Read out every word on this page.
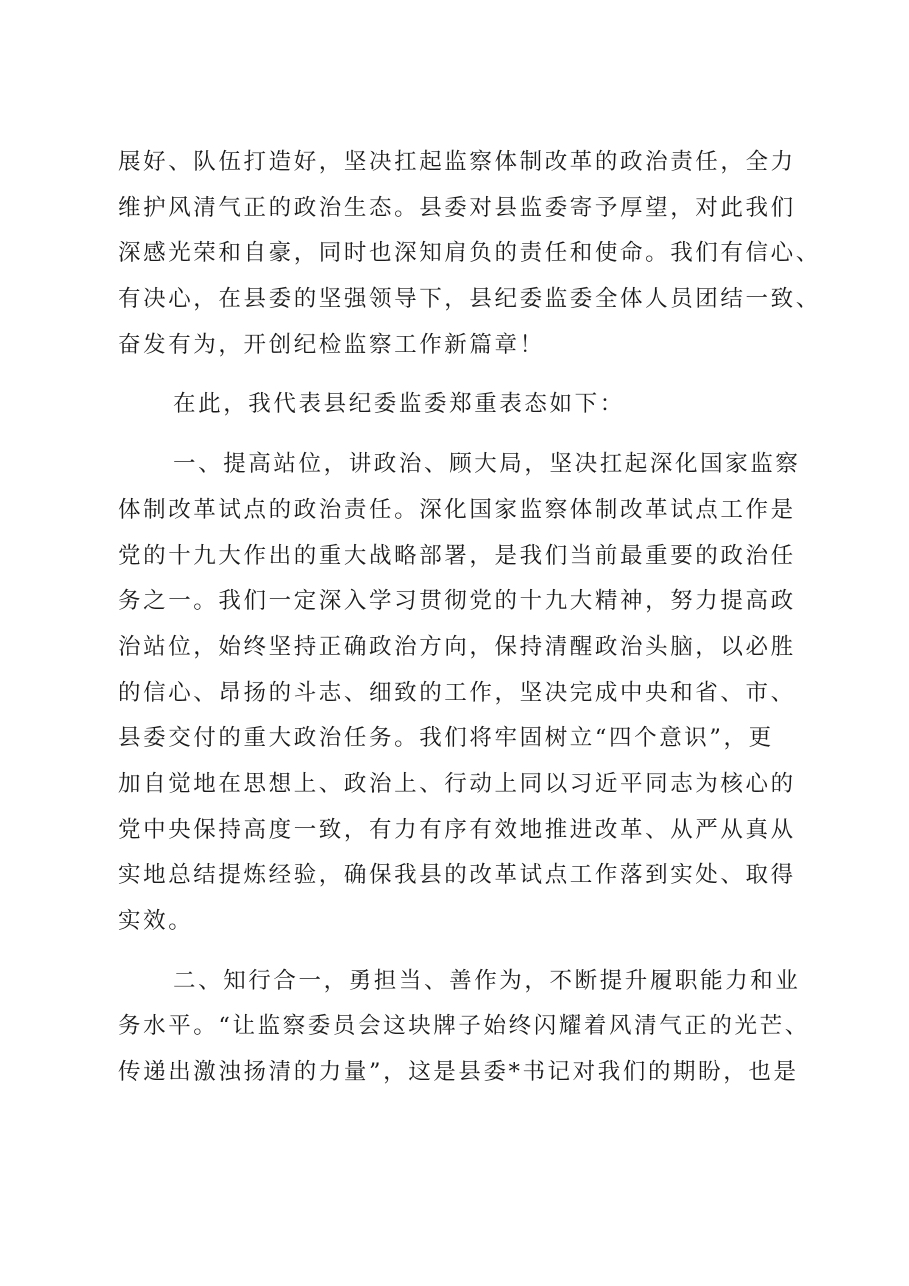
展好、队伍打造好，坚决扛起监察体制改革的政治责任，全力
维护风清气正的政治生态。县委对县监委寄予厚望，对此我们
深感光荣和自豪，同时也深知肩负的责任和使命。我们有信心、
有决心，在县委的坚强领导下，县纪委监委全体人员团结一致、
奋发有为，开创纪检监察工作新篇章！
在此，我代表县纪委监委郑重表态如下：
一、提高站位，讲政治、顾大局，坚决扛起深化国家监察
体制改革试点的政治责任。深化国家监察体制改革试点工作是
党的十九大作出的重大战略部署，是我们当前最重要的政治任
务之一。我们一定深入学习贯彻党的十九大精神，努力提高政
治站位，始终坚持正确政治方向，保持清醒政治头脑，以必胜
的信心、昂扬的斗志、细致的工作，坚决完成中央和省、市、
县委交付的重大政治任务。我们将牢固树立“四个意识”，更
加自觉地在思想上、政治上、行动上同以习近平同志为核心的
党中央保持高度一致，有力有序有效地推进改革、从严从真从
实地总结提炼经验，确保我县的改革试点工作落到实处、取得
实效。
二、知行合一，勇担当、善作为，不断提升履职能力和业
务水平。“让监察委员会这块牌子始终闪耀着风清气正的光芒、
传递出激浊扬清的力量”，这是县委*书记对我们的期盼，也是
